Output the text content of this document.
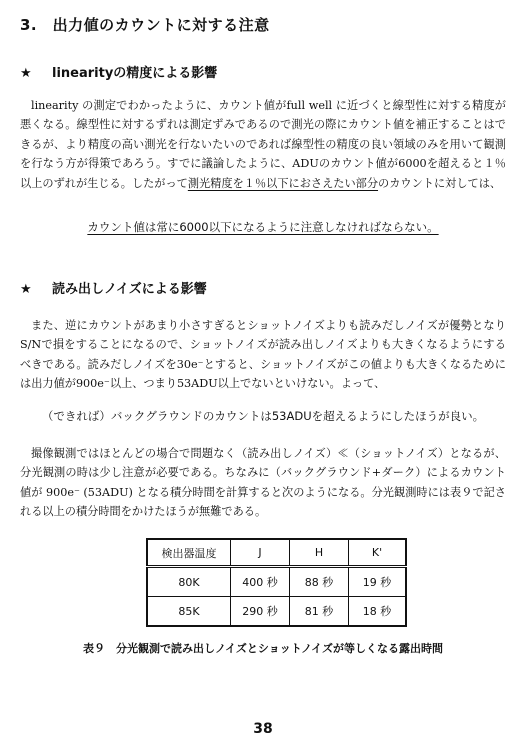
3.　出力値のカウントに対する注意
★ linearityの精度による影響

linearity の測定でわかったように、カウント値がfull well に近づくと線型性に対する精度が悪くなる。線型性に対するずれは測定ずみであるので測光の際にカウント値を補正することはできるが、より精度の高い測光を行ないたいのであれば線型性の精度の良い領域のみを用いて観測を行なう方が得策であろう。すでに議論したように、ADUのカウント値が6000を超えると１％以上のずれが生じる。したがって測光精度を１％以下におさえたい部分のカウントに対しては、

カウント値は常に6000以下になるように注意しなければならない。
★ 読み出しノイズによる影響

また、逆にカウントがあまり小さすぎるとショットノイズよりも読みだしノイズが優勢となりS/Nで損をすることになるので、ショットノイズが読み出しノイズよりも大きくなるようにするべきである。読みだしノイズを30e⁻とすると、ショットノイズがこの値よりも大きくなるためには出力値が900e⁻以上、つまり53ADU以上でないといけない。よって、

（できれば）バックグラウンドのカウントは53ADUを超えるようにしたほうが良い。

撮像観測ではほとんどの場合で問題なく（読み出しノイズ）≪（ショットノイズ）となるが、分光観測の時は少し注意が必要である。ちなみに（バックグラウンド+ダーク）によるカウント値が 900e⁻ (53ADU) となる積分時間を計算すると次のようになる。分光観測時には表９で記される以上の積分時間をかけたほうが無難である。

検出器温度	J	H	K'
80K	400 秒	88 秒	19 秒
85K	290 秒	81 秒	18 秒
表９　分光観測で読み出しノイズとショットノイズが等しくなる露出時間
38
